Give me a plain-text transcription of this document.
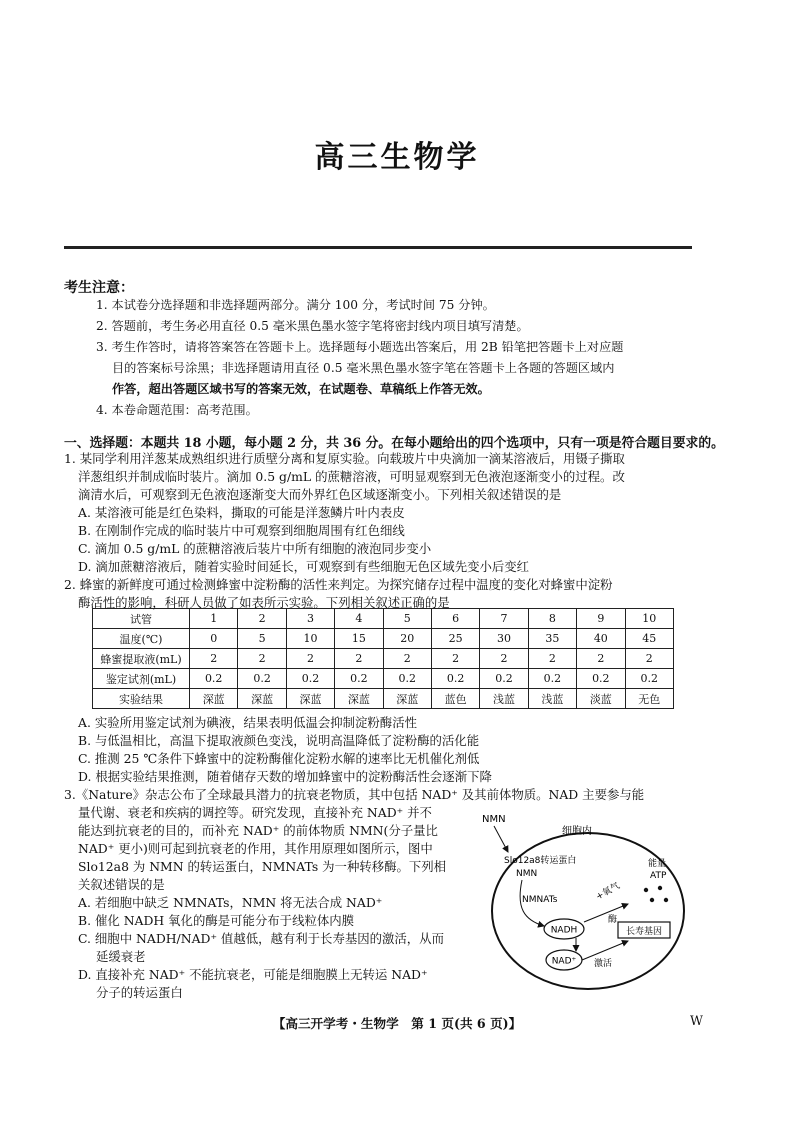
高三生物学
考生注意：
1. 本试卷分选择题和非选择题两部分。满分 100 分，考试时间 75 分钟。
2. 答题前，考生务必用直径 0.5 毫米黑色墨水签字笔将密封线内项目填写清楚。
3. 考生作答时，请将答案答在答题卡上。选择题每小题选出答案后，用 2B 铅笔把答题卡上对应题
目的答案标号涂黑；非选择题请用直径 0.5 毫米黑色墨水签字笔在答题卡上各题的答题区域内
作答，超出答题区域书写的答案无效，在试题卷、草稿纸上作答无效。
4. 本卷命题范围：高考范围。
一、选择题：本题共 18 小题，每小题 2 分，共 36 分。在每小题给出的四个选项中，只有一项是符合题目要求的。
1. 某同学利用洋葱某成熟组织进行质壁分离和复原实验。向载玻片中央滴加一滴某溶液后，用镊子撕取
洋葱组织并制成临时装片。滴加 0.5 g/mL 的蔗糖溶液，可明显观察到无色液泡逐渐变小的过程。改
滴清水后，可观察到无色液泡逐渐变大而外界红色区域逐渐变小。下列相关叙述错误的是
A. 某溶液可能是红色染料，撕取的可能是洋葱鳞片叶内表皮
B. 在刚制作完成的临时装片中可观察到细胞周围有红色细线
C. 滴加 0.5 g/mL 的蔗糖溶液后装片中所有细胞的液泡同步变小
D. 滴加蔗糖溶液后，随着实验时间延长，可观察到有些细胞无色区域先变小后变红
2. 蜂蜜的新鲜度可通过检测蜂蜜中淀粉酶的活性来判定。为探究储存过程中温度的变化对蜂蜜中淀粉
酶活性的影响，科研人员做了如表所示实验。下列相关叙述正确的是
试管	1	2	3	4	5	6	7	8	9	10
温度(℃)	0	5	10	15	20	25	30	35	40	45
蜂蜜提取液(mL)	2	2	2	2	2	2	2	2	2	2
鉴定试剂(mL)	0.2	0.2	0.2	0.2	0.2	0.2	0.2	0.2	0.2	0.2
实验结果	深蓝	深蓝	深蓝	深蓝	深蓝	蓝色	浅蓝	浅蓝	淡蓝	无色
A. 实验所用鉴定试剂为碘液，结果表明低温会抑制淀粉酶活性
B. 与低温相比，高温下提取液颜色变浅，说明高温降低了淀粉酶的活化能
C. 推测 25 ℃条件下蜂蜜中的淀粉酶催化淀粉水解的速率比无机催化剂低
D. 根据实验结果推测，随着储存天数的增加蜂蜜中的淀粉酶活性会逐渐下降
3.《Nature》杂志公布了全球最具潜力的抗衰老物质，其中包括 NAD⁺ 及其前体物质。NAD 主要参与能
量代谢、衰老和疾病的调控等。研究发现，直接补充 NAD⁺ 并不
能达到抗衰老的目的，而补充 NAD⁺ 的前体物质 NMN(分子量比
NAD⁺ 更小)则可起到抗衰老的作用，其作用原理如图所示，图中
Slo12a8 为 NMN 的转运蛋白，NMNATs 为一种转移酶。下列相
关叙述错误的是
A. 若细胞中缺乏 NMNATs，NMN 将无法合成 NAD⁺
B. 催化 NADH 氧化的酶是可能分布于线粒体内膜
C. 细胞中 NADH/NAD⁺ 值越低，越有利于长寿基因的激活，从而
延缓衰老
D. 直接补充 NAD⁺ 不能抗衰老，可能是细胞膜上无转运 NAD⁺
分子的转运蛋白
NMN
细胞内
Slo12a8转运蛋白
NMN
NMNATs
NADH
NAD⁺
+氧气
酶
能量
ATP
长寿基因
激活
【高三开学考・生物学　第 1 页(共 6 页)】	W
